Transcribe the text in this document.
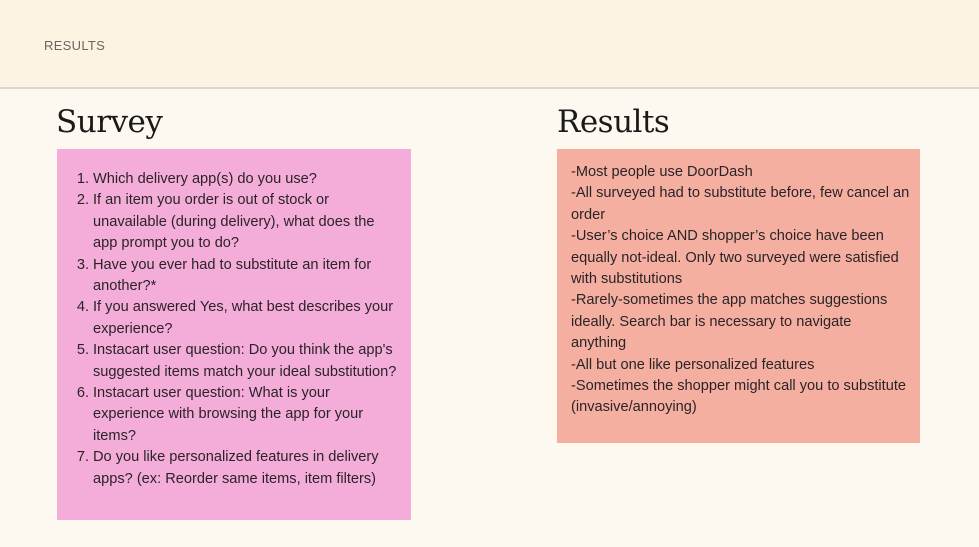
RESULTS
Survey	Results
1. Which delivery app(s) do you use?
2. If an item you order is out of stock or unavailable (during delivery), what does the app prompt you to do?
3. Have you ever had to substitute an item for another?*
4. If you answered Yes, what best describes your experience?
5. Instacart user question: Do you think the app's suggested items match your ideal substitution?
6. Instacart user question: What is your experience with browsing the app for your items?
7. Do you like personalized features in delivery apps? (ex: Reorder same items, item filters)
-Most people use DoorDash
-All surveyed had to substitute before, few cancel an order
-User’s choice AND shopper’s choice have been equally not-ideal. Only two surveyed were satisfied with substitutions
-Rarely-sometimes the app matches suggestions ideally. Search bar is necessary to navigate anything
-All but one like personalized features
-Sometimes the shopper might call you to substitute (invasive/annoying)
